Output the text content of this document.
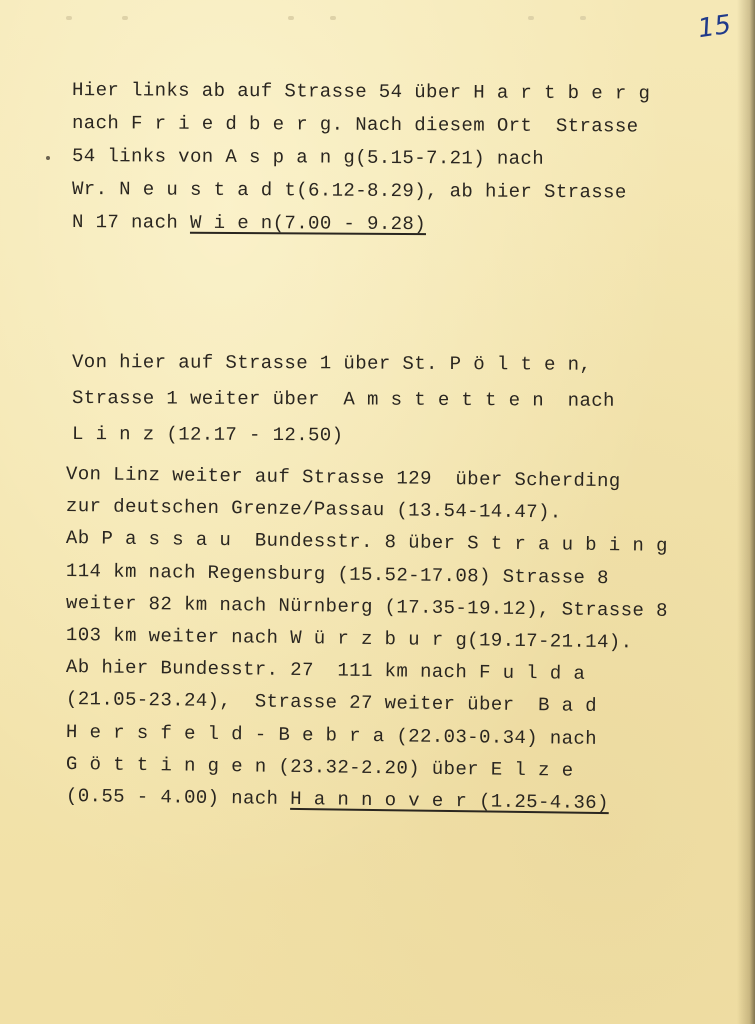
15
Hier links ab auf Strasse 54 über H a r t b e r g
nach F r i e d b e r g. Nach diesem Ort  Strasse
54 links von A s p a n g(5.15-7.21) nach
Wr. N e u s t a d t(6.12-8.29), ab hier Strasse
N 17 nach W i e n(7.00 - 9.28)
Von hier auf Strasse 1 über St. P ö l t e n,
Strasse 1 weiter über  A m s t e t t e n  nach
L i n z (12.17 - 12.50)
Von Linz weiter auf Strasse 129  über Scherding
zur deutschen Grenze/Passau (13.54-14.47).
Ab P a s s a u  Bundesstr. 8 über S t r a u b i n g
114 km nach Regensburg (15.52-17.08) Strasse 8
weiter 82 km nach Nürnberg (17.35-19.12), Strasse 8
103 km weiter nach W ü r z b u r g(19.17-21.14).
Ab hier Bundesstr. 27  111 km nach F u l d a
(21.05-23.24),  Strasse 27 weiter über  B a d
H e r s f e l d - B e b r a (22.03-0.34) nach
G ö t t i n g e n (23.32-2.20) über E l z e
(0.55 - 4.00) nach H a n n o v e r (1.25-4.36)
